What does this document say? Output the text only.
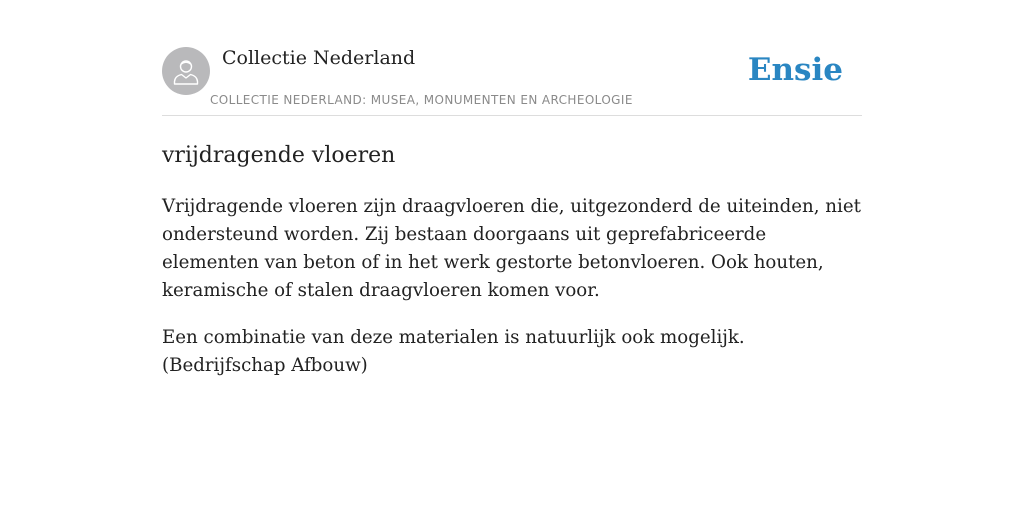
Collectie Nederland
COLLECTIE NEDERLAND: MUSEA, MONUMENTEN EN ARCHEOLOGIE
Ensie
vrijdragende vloeren

Vrijdragende vloeren zijn draagvloeren die, uitgezonderd de uiteinden, niet ondersteund worden. Zij bestaan doorgaans uit geprefabriceerde elementen van beton of in het werk gestorte betonvloeren. Ook houten, keramische of stalen draagvloeren komen voor.

Een combinatie van deze materialen is natuurlijk ook mogelijk. (Bedrijfschap Afbouw)
